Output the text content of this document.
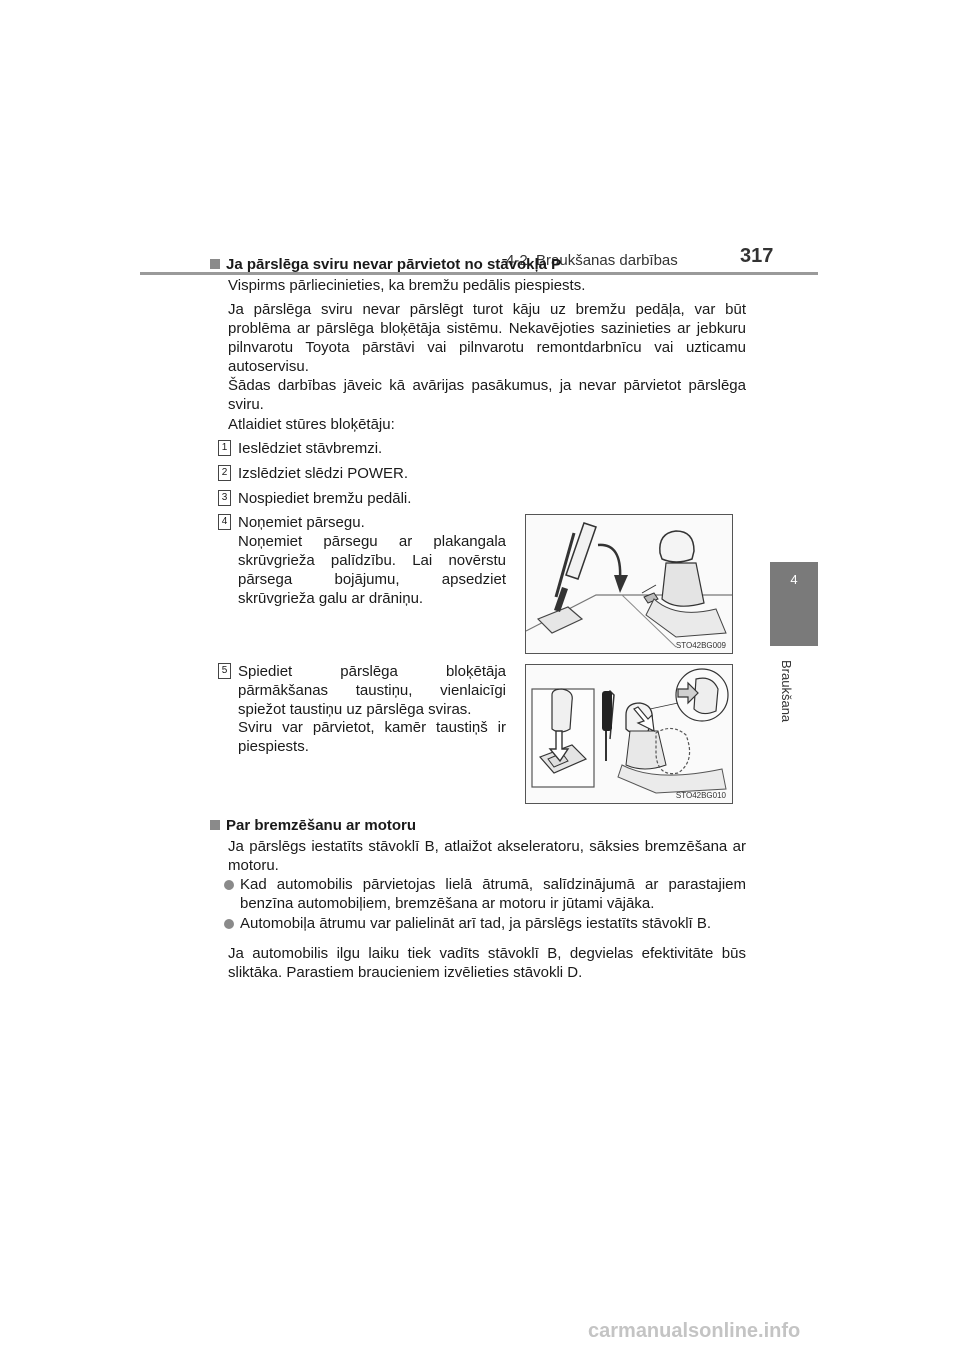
4-2. Braukšanas darbības	317
4
Braukšana
Ja pārslēga sviru nevar pārvietot no stāvokļa P
Vispirms pārliecinieties, ka bremžu pedālis piespiests.
Ja pārslēga sviru nevar pārslēgt turot kāju uz bremžu pedāļa, var būt problēma ar pārslēga bloķētāja sistēmu. Nekavējoties sazinieties ar jebkuru pilnvarotu Toyota pārstāvi vai pilnvarotu remontdarbnīcu vai uzticamu autoservisu.
Šādas darbības jāveic kā avārijas pasākumus, ja nevar pārvietot pārslēga sviru.
Atlaidiet stūres bloķētāju:
1 Ieslēdziet stāvbremzi.
2 Izslēdziet slēdzi POWER.
3 Nospiediet bremžu pedāli.
4 Noņemiet pārsegu.
Noņemiet pārsegu ar plakangala skrūvgrieža palīdzību. Lai novērstu pārsega bojājumu, apsedziet skrūvgrieža galu ar drāniņu.
STO42BG009
5 Spiediet pārslēga bloķētāja pārmākšanas taustiņu, vienlaicīgi spiežot taustiņu uz pārslēga sviras.
Sviru var pārvietot, kamēr taustiņš ir piespiests.
STO42BG010
Par bremzēšanu ar motoru
Ja pārslēgs iestatīts stāvoklī B, atlaižot akseleratoru, sāksies bremzēšana ar motoru.
Kad automobilis pārvietojas lielā ātrumā, salīdzinājumā ar parastajiem benzīna automobiļiem, bremzēšana ar motoru ir jūtami vājāka.
Automobiļa ātrumu var palielināt arī tad, ja pārslēgs iestatīts stāvoklī B.
Ja automobilis ilgu laiku tiek vadīts stāvoklī B, degvielas efektivitāte būs sliktāka. Parastiem braucieniem izvēlieties stāvokli D.
carmanualsonline.info
